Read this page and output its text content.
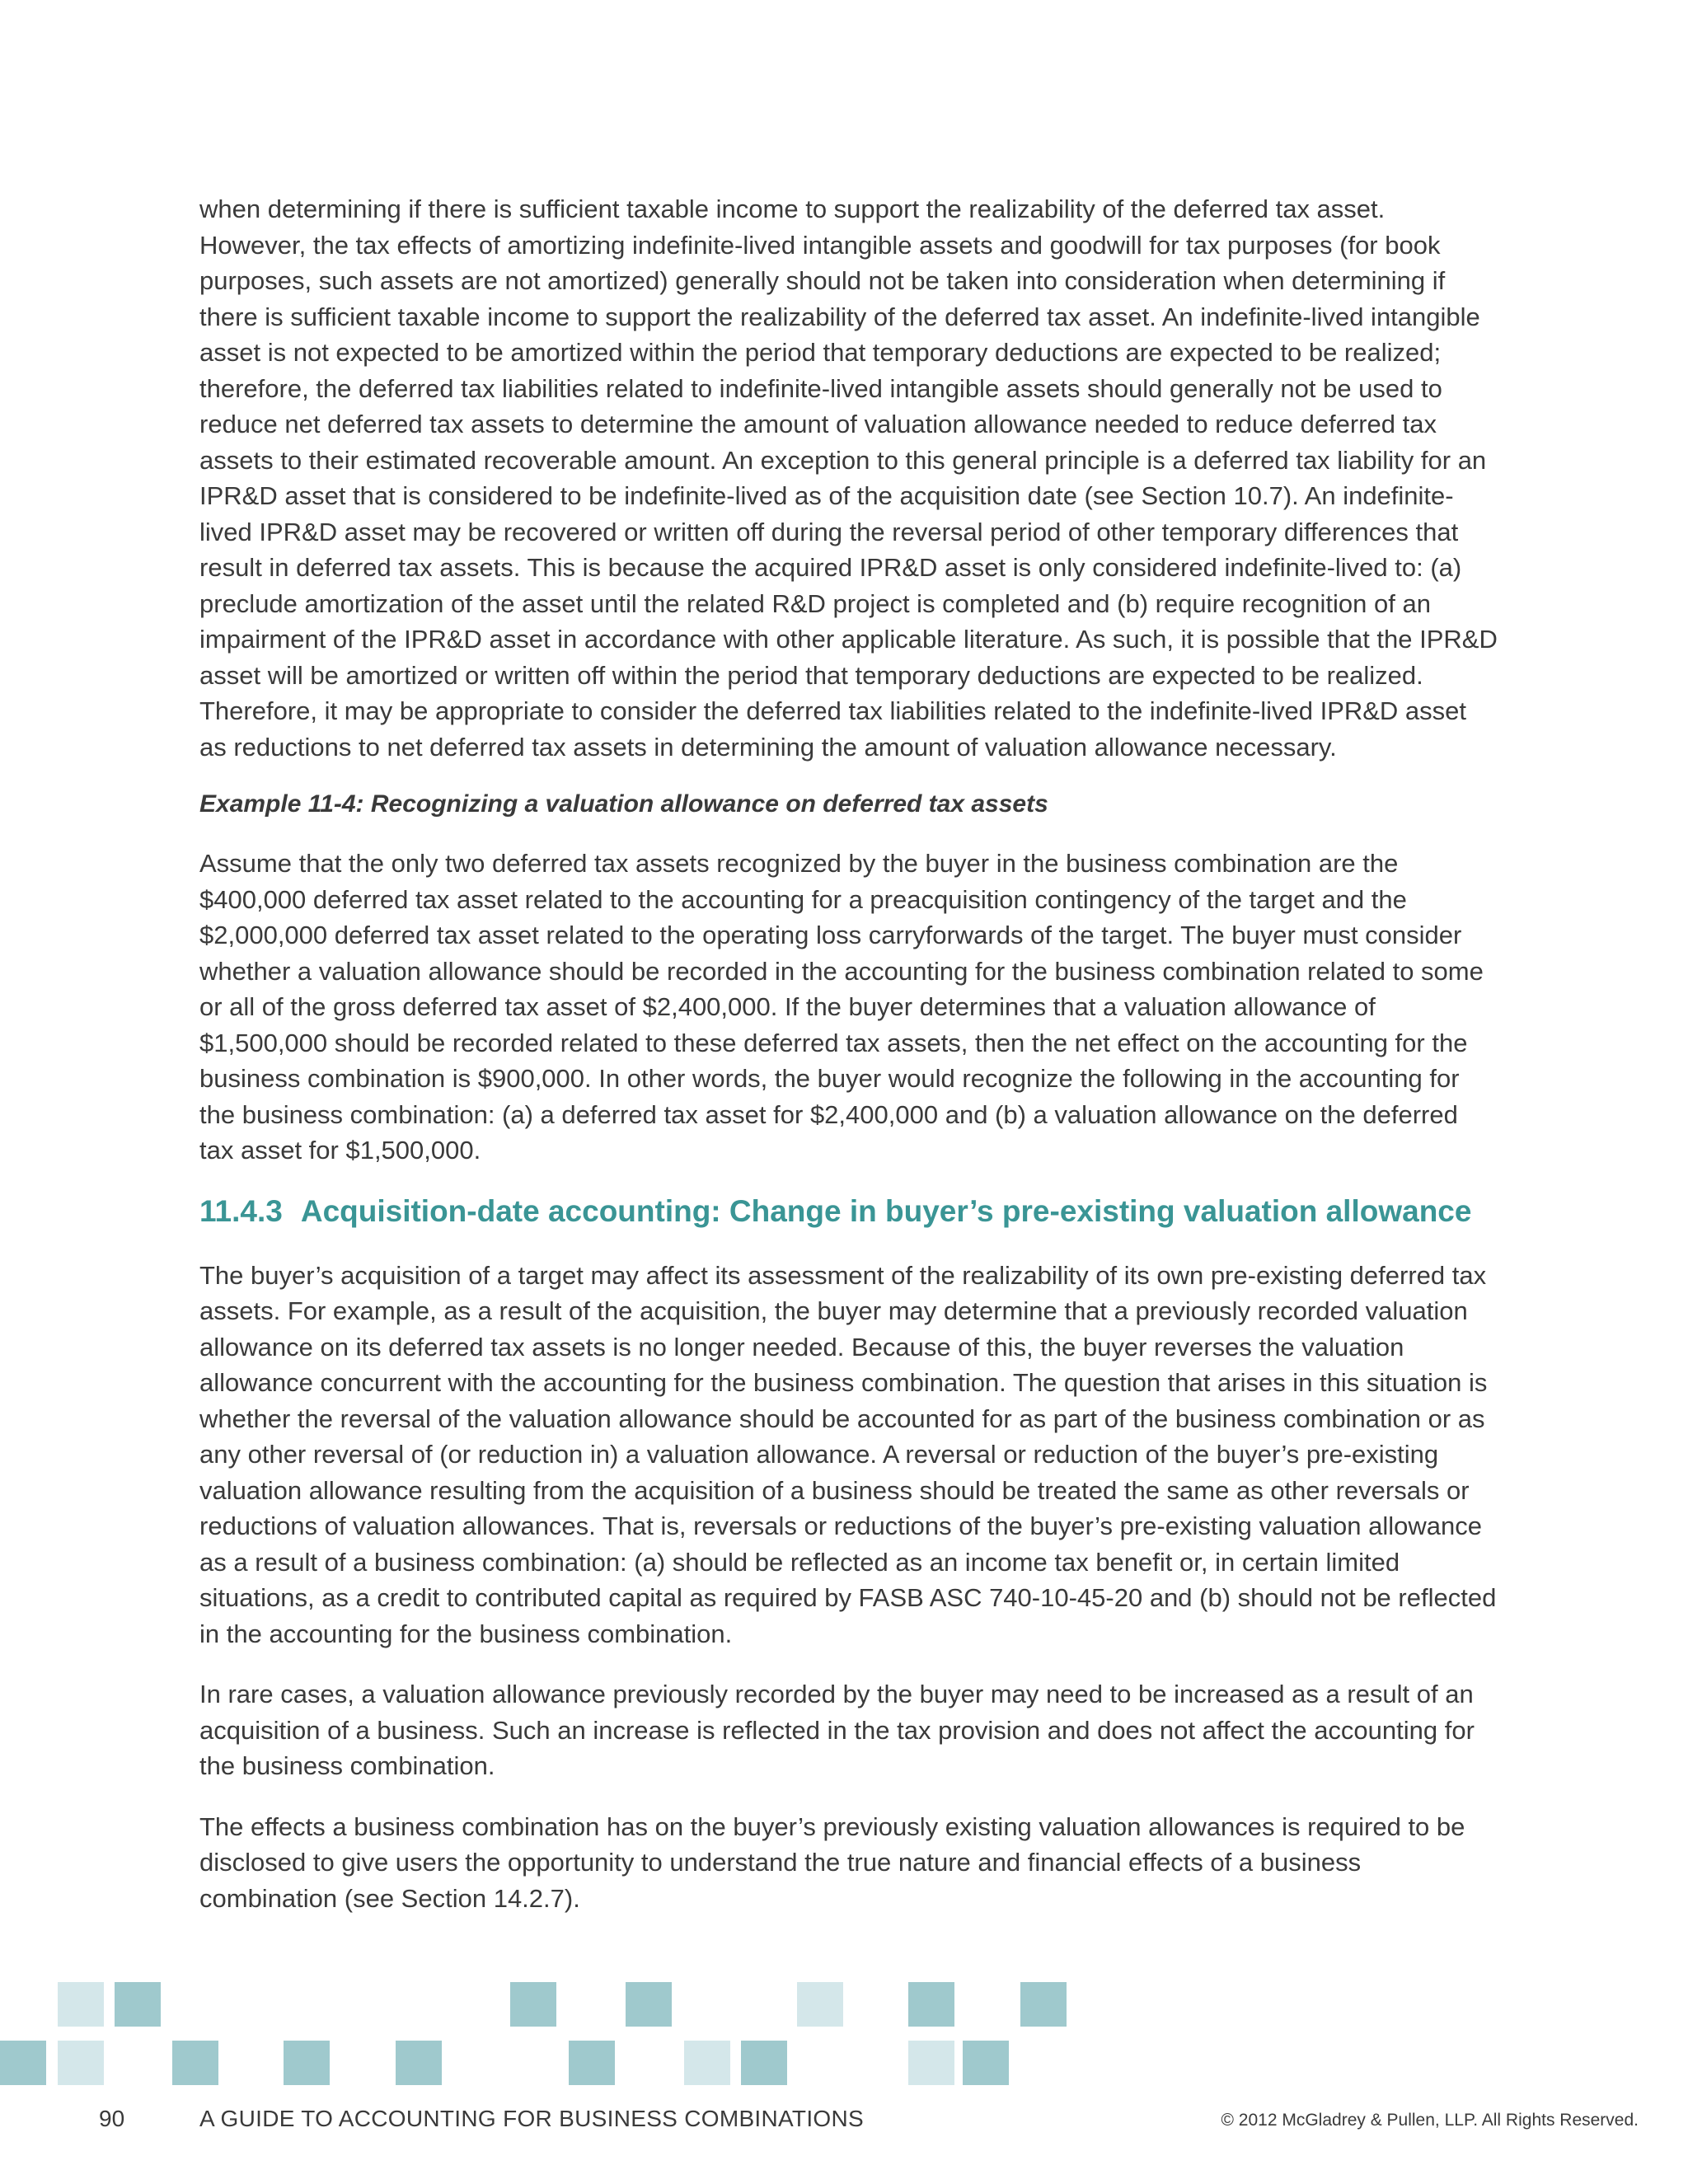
when determining if there is sufficient taxable income to support the realizability of the deferred tax asset. However, the tax effects of amortizing indefinite-lived intangible assets and goodwill for tax purposes (for book purposes, such assets are not amortized) generally should not be taken into consideration when determining if there is sufficient taxable income to support the realizability of the deferred tax asset. An indefinite-lived intangible asset is not expected to be amortized within the period that temporary deductions are expected to be realized; therefore, the deferred tax liabilities related to indefinite-lived intangible assets should generally not be used to reduce net deferred tax assets to determine the amount of valuation allowance needed to reduce deferred tax assets to their estimated recoverable amount. An exception to this general principle is a deferred tax liability for an IPR&D asset that is considered to be indefinite-lived as of the acquisition date (see Section 10.7). An indefinite-lived IPR&D asset may be recovered or written off during the reversal period of other temporary differences that result in deferred tax assets. This is because the acquired IPR&D asset is only considered indefinite-lived to: (a) preclude amortization of the asset until the related R&D project is completed and (b) require recognition of an impairment of the IPR&D asset in accordance with other applicable literature. As such, it is possible that the IPR&D asset will be amortized or written off within the period that temporary deductions are expected to be realized. Therefore, it may be appropriate to consider the deferred tax liabilities related to the indefinite-lived IPR&D asset as reductions to net deferred tax assets in determining the amount of valuation allowance necessary.

Example 11-4: Recognizing a valuation allowance on deferred tax assets

Assume that the only two deferred tax assets recognized by the buyer in the business combination are the $400,000 deferred tax asset related to the accounting for a preacquisition contingency of the target and the $2,000,000 deferred tax asset related to the operating loss carryforwards of the target. The buyer must consider whether a valuation allowance should be recorded in the accounting for the business combination related to some or all of the gross deferred tax asset of $2,400,000. If the buyer determines that a valuation allowance of $1,500,000 should be recorded related to these deferred tax assets, then the net effect on the accounting for the business combination is $900,000. In other words, the buyer would recognize the following in the accounting for the business combination: (a) a deferred tax asset for $2,400,000 and (b) a valuation allowance on the deferred tax asset for $1,500,000.

11.4.3 Acquisition-date accounting: Change in buyer’s pre-existing valuation allowance

The buyer’s acquisition of a target may affect its assessment of the realizability of its own pre-existing deferred tax assets. For example, as a result of the acquisition, the buyer may determine that a previously recorded valuation allowance on its deferred tax assets is no longer needed. Because of this, the buyer reverses the valuation allowance concurrent with the accounting for the business combination. The question that arises in this situation is whether the reversal of the valuation allowance should be accounted for as part of the business combination or as any other reversal of (or reduction in) a valuation allowance. A reversal or reduction of the buyer’s pre-existing valuation allowance resulting from the acquisition of a business should be treated the same as other reversals or reductions of valuation allowances. That is, reversals or reductions of the buyer’s pre-existing valuation allowance as a result of a business combination: (a) should be reflected as an income tax benefit or, in certain limited situations, as a credit to contributed capital as required by FASB ASC 740-10-45-20 and (b) should not be reflected in the accounting for the business combination.

In rare cases, a valuation allowance previously recorded by the buyer may need to be increased as a result of an acquisition of a business. Such an increase is reflected in the tax provision and does not affect the accounting for the business combination.

The effects a business combination has on the buyer’s previously existing valuation allowances is required to be disclosed to give users the opportunity to understand the true nature and financial effects of a business combination (see Section 14.2.7).

90	A GUIDE TO ACCOUNTING FOR BUSINESS COMBINATIONS	© 2012 McGladrey & Pullen, LLP. All Rights Reserved.
